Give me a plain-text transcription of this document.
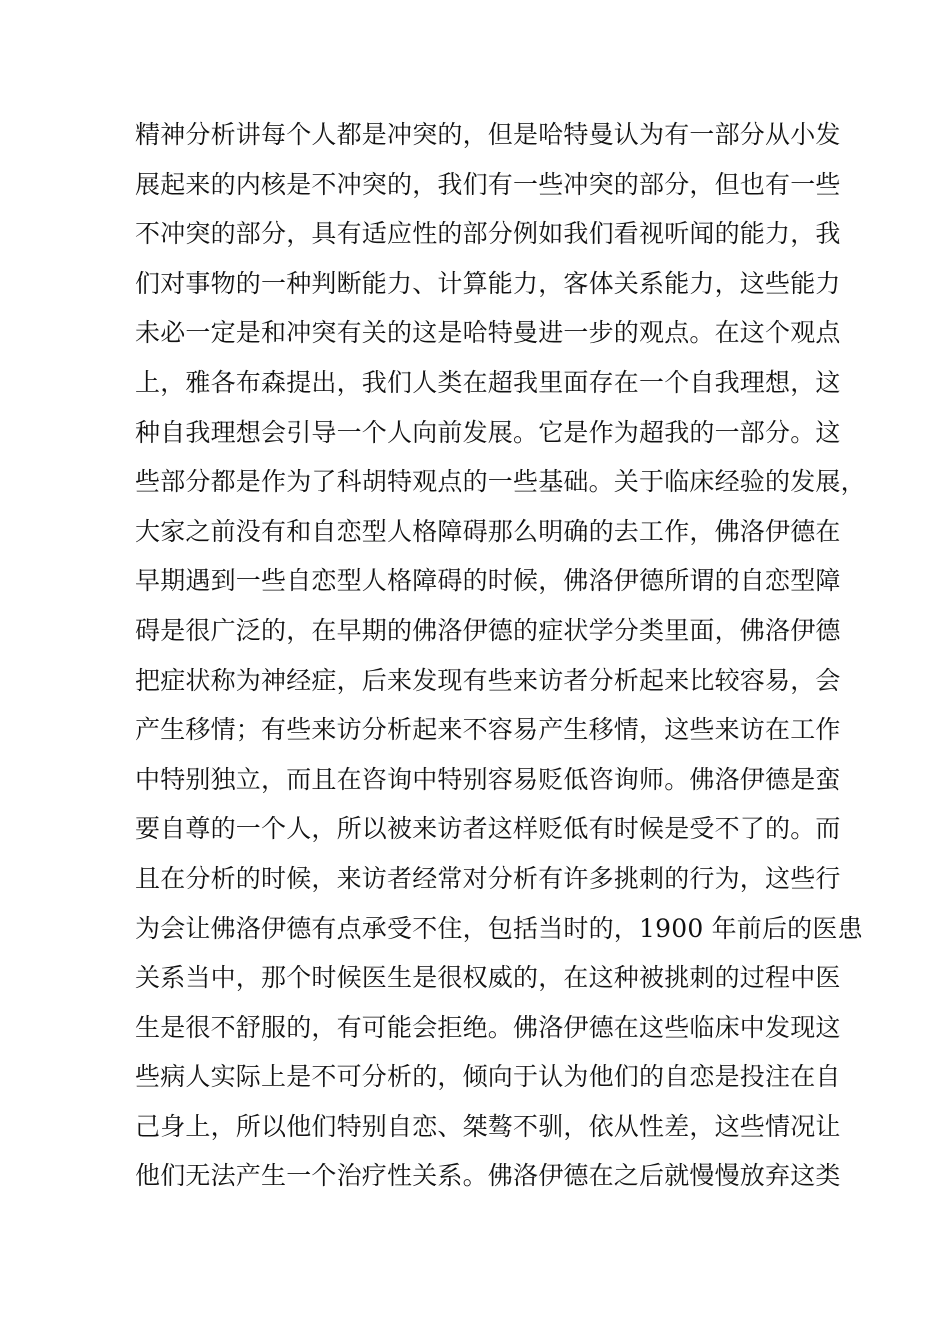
精神分析讲每个人都是冲突的，但是哈特曼认为有一部分从小发
展起来的内核是不冲突的，我们有一些冲突的部分，但也有一些
不冲突的部分，具有适应性的部分例如我们看视听闻的能力，我
们对事物的一种判断能力、计算能力，客体关系能力，这些能力
未必一定是和冲突有关的这是哈特曼进一步的观点。在这个观点
上，雅各布森提出，我们人类在超我里面存在一个自我理想，这
种自我理想会引导一个人向前发展。它是作为超我的一部分。这
些部分都是作为了科胡特观点的一些基础。关于临床经验的发展，
大家之前没有和自恋型人格障碍那么明确的去工作，佛洛伊德在
早期遇到一些自恋型人格障碍的时候，佛洛伊德所谓的自恋型障
碍是很广泛的，在早期的佛洛伊德的症状学分类里面，佛洛伊德
把症状称为神经症，后来发现有些来访者分析起来比较容易，会
产生移情；有些来访分析起来不容易产生移情，这些来访在工作
中特别独立，而且在咨询中特别容易贬低咨询师。佛洛伊德是蛮
要自尊的一个人，所以被来访者这样贬低有时候是受不了的。而
且在分析的时候，来访者经常对分析有许多挑刺的行为，这些行
为会让佛洛伊德有点承受不住，包括当时的，1900 年前后的医患
关系当中，那个时候医生是很权威的，在这种被挑刺的过程中医
生是很不舒服的，有可能会拒绝。佛洛伊德在这些临床中发现这
些病人实际上是不可分析的，倾向于认为他们的自恋是投注在自
己身上，所以他们特别自恋、桀骜不驯，依从性差，这些情况让
他们无法产生一个治疗性关系。佛洛伊德在之后就慢慢放弃这类
